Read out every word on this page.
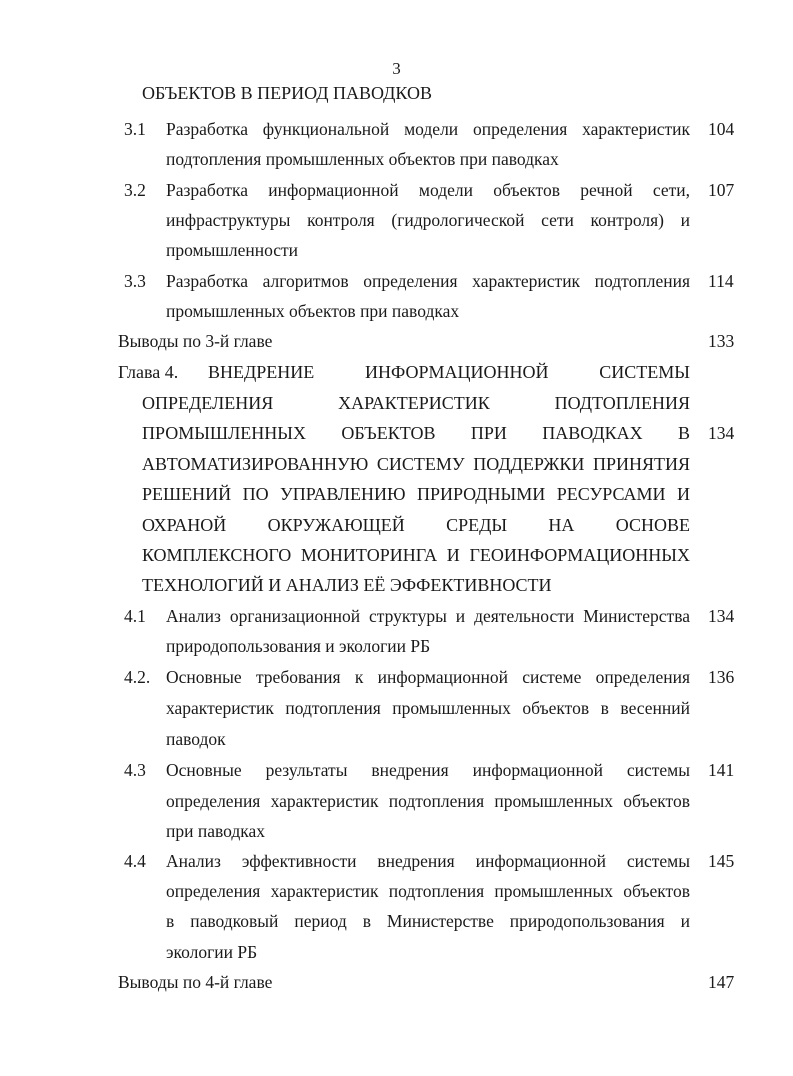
3
ОБЪЕКТОВ В ПЕРИОД ПАВОДКОВ
3.1 Разработка функциональной модели определения характеристик
подтопления промышленных объектов при паводках
104
3.2 Разработка информационной модели объектов речной сети,
инфраструктуры контроля (гидрологической сети контроля) и
промышленности
107
3.3 Разработка алгоритмов определения характеристик подтопления
промышленных объектов при паводках
114
Выводы по 3-й главе	133
Глава 4. ВНЕДРЕНИЕ ИНФОРМАЦИОННОЙ СИСТЕМЫ
ОПРЕДЕЛЕНИЯ ХАРАКТЕРИСТИК ПОДТОПЛЕНИЯ
ПРОМЫШЛЕННЫХ ОБЪЕКТОВ ПРИ ПАВОДКАХ В
АВТОМАТИЗИРОВАННУЮ СИСТЕМУ ПОДДЕРЖКИ ПРИНЯТИЯ
РЕШЕНИЙ ПО УПРАВЛЕНИЮ ПРИРОДНЫМИ РЕСУРСАМИ И
ОХРАНОЙ ОКРУЖАЮЩЕЙ СРЕДЫ НА ОСНОВЕ
КОМПЛЕКСНОГО МОНИТОРИНГА И ГЕОИНФОРМАЦИОННЫХ
ТЕХНОЛОГИЙ И АНАЛИЗ ЕЁ ЭФФЕКТИВНОСТИ
134
4.1 Анализ организационной структуры и деятельности Министерства
природопользования и экологии РБ
134
4.2. Основные требования к информационной системе определения
характеристик подтопления промышленных объектов в весенний
паводок
136
4.3 Основные результаты внедрения информационной системы
определения характеристик подтопления промышленных объектов
при паводках
141
4.4 Анализ эффективности внедрения информационной системы
определения характеристик подтопления промышленных объектов
в паводковый период в Министерстве природопользования и
экологии РБ
145
Выводы по 4-й главе	147
